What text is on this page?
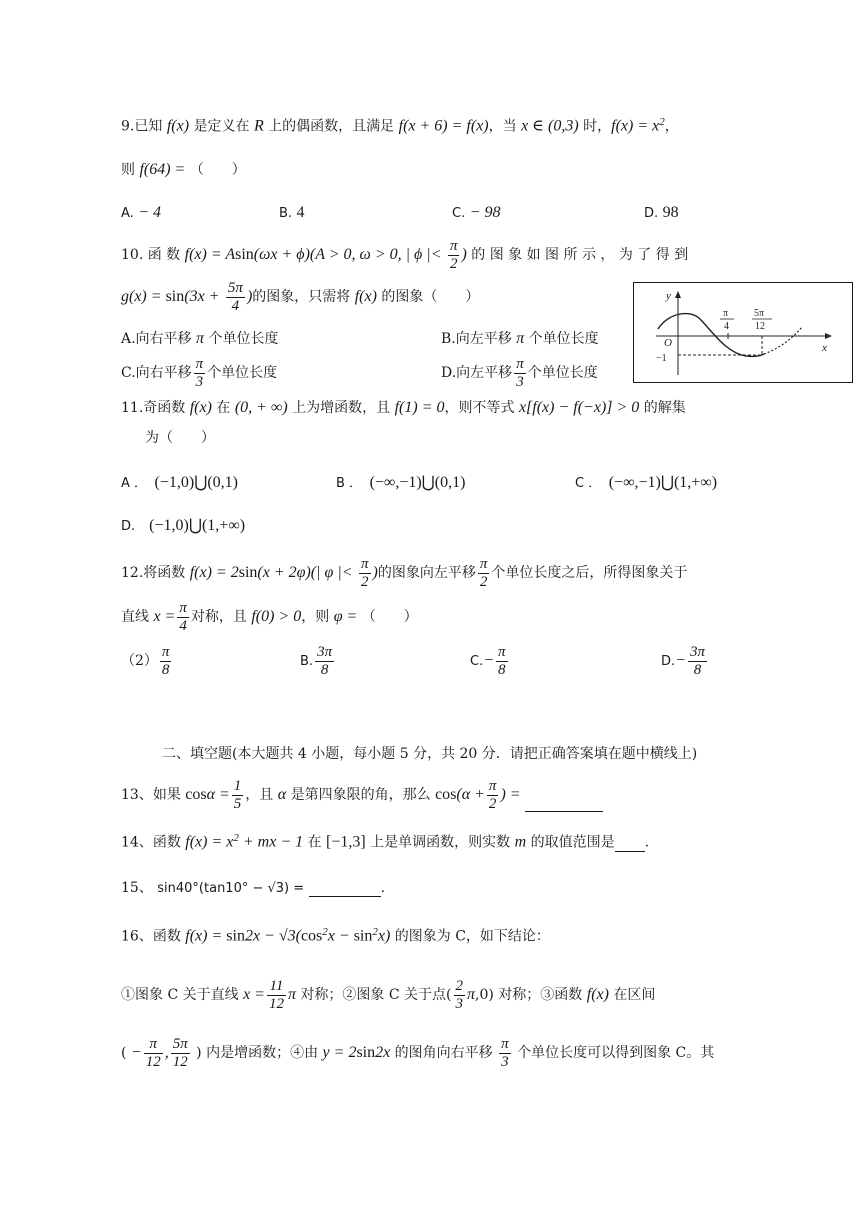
9.已知 f(x) 是定义在 R 上的偶函数，且满足 f(x + 6) = f(x)，当 x ∈ (0,3) 时，$f(x) = x^2$，
则 f(64) = （　　）
A. − 4	B. 4	C. − 98	D. 98
10. 函 数 f(x) = Asin(ωx + ϕ)(A > 0, ω > 0, | ϕ |< $\frac{\pi}{2}$ ) 的 图 象 如 图 所 示 ， 为 了 得 到
$g(x) = \sin(3x + \frac{5\pi}{4}$ )的图象，只需将 f(x) 的图象（　　）
A.向右平移 π 个单位长度	B.向左平移 π 个单位长度
C.向右平移 $\frac{\pi}{3}$ 个单位长度	D.向左平移 $\frac{\pi}{3}$ 个单位长度
y
x
O
−1
π
4
5π
12
11.奇函数 f(x) 在 (0, + ∞) 上为增函数，且 f(1) = 0，则不等式 x[f(x) − f(−x)] > 0 的解集
为（　　）
A ．　 (−1,0)⋃(0,1)	B ．　 (−∞,−1)⋃(0,1)	C ．　 (−∞,−1)⋃(1,+∞)
D.　 (−1,0)⋃(1,+∞)
12.将函数 f(x) = 2sin(x + 2φ)(| φ |< $\frac{\pi}{2}$ )的图象向左平移 $\frac{\pi}{2}$ 个单位长度之后，所得图象关于
直线 $x = \frac{\pi}{4}$ 对称，且 f(0) > 0，则 φ = （　　）
$(2) \frac{\pi}{8}$	B. $\frac{3\pi}{8}$	$C.- \frac{\pi}{8}$	$D.- \frac{3\pi}{8}$
二、填空题(本大题共 4 小题，每小题 5 分，共 20 分．请把正确答案填在题中横线上)
13、如果 $\cos\alpha = \frac{1}{5}$ ，且 α 是第四象限的角，那么 $\cos(\alpha + \frac{\pi}{2}$ ) =
14、函数 $f(x) = x^2$ + mx − 1 在 [−1,3] 上是单调函数，则实数 m 的取值范围是 .
15、 sin40°(tan10° − √3) =	.
16、函数 $f(x) = \sin 2x - √3(\cos^2x - \sin^2x)$ 的图象为 C，如下结论：
①图象 C 关于直线 $x = \frac{11}{12}$ π 对称；②图象 C 关于点( $\frac{2}{3} \pi,0$) 对称；③函数 f(x) 在区间
( − $\frac{\pi}{12}$ , $\frac{5\pi}{12}$ ) 内是增函数；④由 y = 2sin2x 的图角向右平移 $\frac{\pi}{3}$ 个单位长度可以得到图象 C。其
